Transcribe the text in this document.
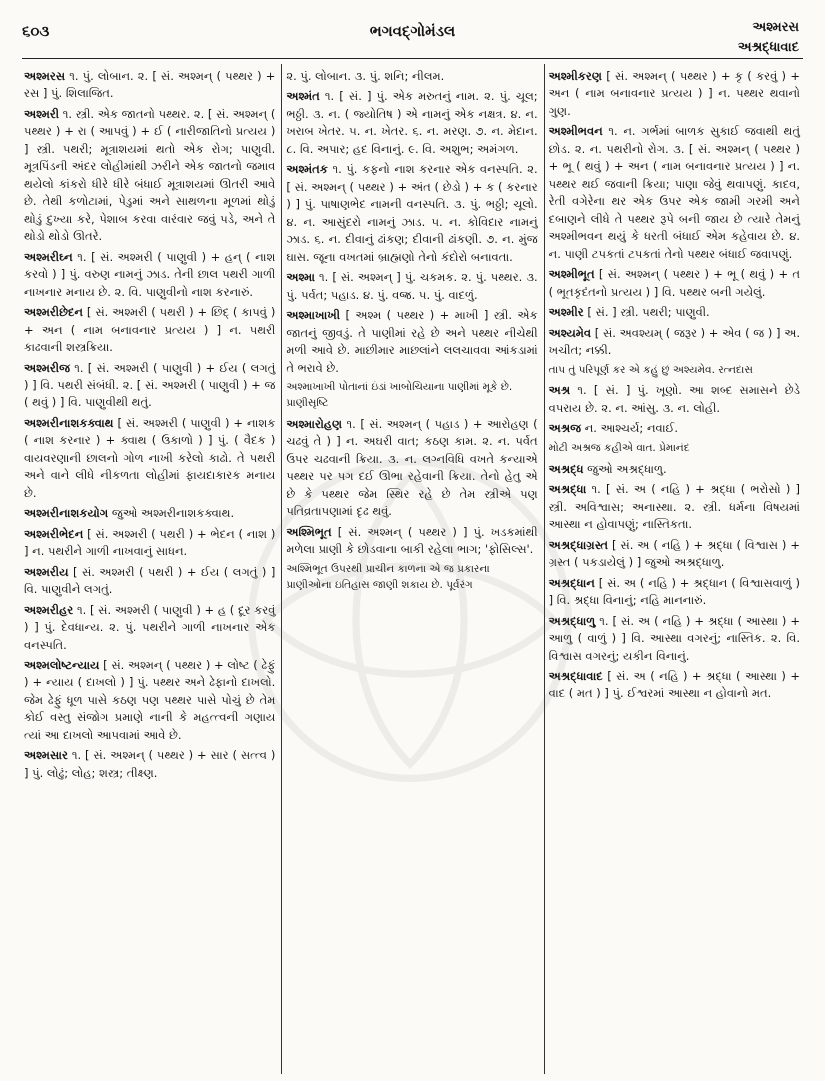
૬૦૩	ભગવદ્ગોમંડલ	અશ્મરસ
અશ્રદ્ધાવાદ
અશ્મરસ ૧. પું. લોબાન. ૨. [ સં. અશ્મન્ ( પથ્થર ) + રસ ] પું. શિલાજિત.
અશ્મરી ૧. સ્ત્રી. એક જાતનો પથ્થર. ૨. [ સં. અશ્મન્ ( પથ્થર ) + રા ( આપવું ) + ઈ ( નારીજાતિનો પ્રત્યય ) ] સ્ત્રી. પથરી; મૂત્રાશયમાં થતો એક રોગ; પાણુવી. મૂત્રપિંડની અંદર લોહીમાંથી ઝરીને એક જાતનો જમાવ થયેલો કાંકરો ધીરે ધીરે બંધાઈ મૂત્રાશયમાં ઊતરી આવે છે. તેથી કળોટામાં, પેડુમાં અને સાથળના મૂળમાં થોડું થોડું દુખ્યા કરે, પેશાબ કરવા વારંવાર જવું પડે, અને તે થોડો થોડો ઊતરે.
અશ્મરીઘ્ન ૧. [ સં. અશ્મરી ( પાણુવી ) + હન્ ( નાશ કરવો ) ] પું. વરુણ નામનું ઝાડ. તેની છાલ પથરી ગાળી નાખનાર મનાય છે. ૨. વિ. પાણુવીનો નાશ કરનારું.
અશ્મરીછેદન [ સં. અશ્મરી ( પથરી ) + છિદ્ ( કાપવું ) + અન ( નામ બનાવનાર પ્રત્યય ) ] ન. પથરી કાઢવાની શસ્ત્રક્રિયા.
અશ્મરીજ ૧. [ સં. અશ્મરી ( પાણુવી ) + ઈય ( લગતું ) ] વિ. પથરી સંબંધી. ૨. [ સં. અશ્મરી ( પાણુવી ) + જ ( થવું ) ] વિ. પાણુવીથી થતું.
અશ્મરીનાશકક્વાથ [ સં. અશ્મરી ( પાણુવી ) + નાશક ( નાશ કરનાર ) + ક્વાથ ( ઉકાળો ) ] પું. ( વૈદક ) વાયવરણાની છાલનો ગોળ નાખી કરેલો કાઢો. તે પથરી અને વાને લીધે નીકળતા લોહીમાં ફાયદાકારક મનાય છે.
અશ્મરીનાશકયોગ જુઓ અશ્મરીનાશકક્વાથ.
અશ્મરીભેદન [ સં. અશ્મરી ( પથરી ) + ભેદન ( નાશ ) ] ન. પથરીને ગાળી નાખવાનું સાધન.
અશ્મરીય [ સં. અશ્મરી ( પથરી ) + ઈય ( લગતું ) ] વિ. પાણુવીને લગતું.
અશ્મરીહર ૧. [ સં. અશ્મરી ( પાણુવી ) + હ ( દૂર કરવું ) ] પું. દેવધાન્ય. ૨. પું. પથરીને ગાળી નાખનાર એક વનસ્પતિ.
અશ્મલોષ્ટન્યાય [ સં. અશ્મન્ ( પથ્થર ) + લોષ્ટ ( ઢેફું ) + ન્યાય ( દાખલો ) ] પું. પથ્થર અને ઢેફાનો દાખલો. જેમ ઢેફું ધૂળ પાસે કઠણ પણ પથ્થર પાસે પોચું છે તેમ કોઈ વસ્તુ સંજોગ પ્રમાણે નાની કે મહત્ત્વની ગણાય ત્યાં આ દાખલો આપવામાં આવે છે.
અશ્મસાર ૧. [ સં. અશ્મન્ ( પથ્થર ) + સાર ( સત્ત્વ ) ] પું. લોઢું; લોહ; શસ્ત્ર; તીક્ષ્ણ.
૨. પું. લોબાન. ૩. પું. શનિ; નીલમ.
અશ્મંત ૧. [ સં. ] પું. એક મરુતનું નામ. ૨. પું. ચૂલ; ભઠ્ઠી. ૩. ન. ( જ્યોતિષ ) એ નામનું એક નક્ષત્ર. ૪. ન. ખરાબ ખેતર. ૫. ન. ખેતર. ૬. ન. મરણ. ૭. ન. મેદાન. ૮. વિ. અપાર; હદ વિનાનું. ૯. વિ. અશુભ; અમંગળ.
અશ્મંતક ૧. પું. કફનો નાશ કરનાર એક વનસ્પતિ. ૨. [ સં. અશ્મન્ ( પથ્થર ) + અંત ( છેડો ) + ક ( કરનાર ) ] પું. પાષાણભેદ નામની વનસ્પતિ. ૩. પું. ભઠ્ઠી; ચૂલો. ૪. ન. આસુંદરો નામનું ઝાડ. ૫. ન. કોવિદાર નામનું ઝાડ. ૬. ન. દીવાનું ઢાંકણ; દીવાની ઢાંકણી. ૭. ન. મુંજ ઘાસ. જૂના વખતમાં બ્રાહ્મણો તેનો કંદોરો બનાવતા.
અશ્મા ૧. [ સં. અશ્મન્ ] પું. ચકમક. ૨. પું. પથ્થર. ૩. પું. પર્વત; પહાડ. ૪. પું. વજ્ર. ૫. પું. વાદળું.
અશ્માખાખી [ અશ્મ ( પથ્થર ) + માખી ] સ્ત્રી. એક જાતનું જીવડું. તે પાણીમાં રહે છે અને પથ્થર નીચેથી મળી આવે છે. માછીમાર માછલાંને લલચાવવા આંકડામાં તે ભરાવે છે.
અશ્માખાખી પોતાનાં ઇંડાં ખાબોચિયાના પાણીમાં મૂકે છે. પ્રાણીસૃષ્ટિ
અશ્મારોહણ ૧. [ સં. અશ્મન્ ( પહાડ ) + આરોહણ ( ચઢવું તે ) ] ન. અઘરી વાત; કઠણ કામ. ૨. ન. પર્વત ઉપર ચઢવાની ક્રિયા. ૩. ન. લગ્નવિધિ વખતે કન્યાએ પથ્થર પર પગ દઈ ઊભા રહેવાની ક્રિયા. તેનો હેતુ એ છે કે પથ્થર જેમ સ્થિર રહે છે તેમ સ્ત્રીએ પણ પતિવ્રતાપણામાં દૃઢ થવું.
અશ્મિભૂત [ સં. અશ્મન્ ( પથ્થર ) ] પું. ખડકમાંથી મળેલા પ્રાણી કે છોડવાના બાકી રહેલા ભાગ; 'ફોસિલ્સ'.
અશ્મિભૂત ઉપરથી પ્રાચીન કાળના એ જ પ્રકારના પ્રાણીઓના ઇતિહાસ જાણી શકાય છે. પૂર્વરંગ
અશ્મીકરણ [ સં. અશ્મન્ ( પથ્થર ) + કૃ ( કરવું ) + અન ( નામ બનાવનાર પ્રત્યય ) ] ન. પથ્થર થવાનો ગુણ.
અશ્મીભવન ૧. ન. ગર્ભમાં બાળક સુકાઈ જવાથી થતું છોડ. ૨. ન. પથરીનો રોગ. ૩. [ સં. અશ્મન્ ( પથ્થર ) + ભૂ ( થવું ) + અન ( નામ બનાવનાર પ્રત્યય ) ] ન. પથ્થર થઈ જવાની ક્રિયા; પાણા જેવું થવાપણું. કાદવ, રેતી વગેરેના થર એક ઉપર એક જામી ગરમી અને દબાણને લીધે તે પથ્થર રૂપે બની જાય છે ત્યારે તેમનું અશ્મીભવન થયું કે ધરતી બંધાઈ એમ કહેવાય છે. ૪. ન. પાણી ટપકતાં ટપકતાં તેનો પથ્થર બંધાઈ જવાપણું.
અશ્મીભૂત [ સં. અશ્મન્ ( પથ્થર ) + ભૂ ( થવું ) + ત ( ભૂતકૃદંતનો પ્રત્યય ) ] વિ. પથ્થર બની ગયેલું.
અશ્મીર [ સં. ] સ્ત્રી. પથરી; પાણુવી.
અશ્યમેવ [ સં. અવશ્યમ્ ( જરૂર ) + એવ ( જ ) ] અ. ખચીત; નક્કી.
તાપ તું પરિપૂર્ણ કર એ કહું છું અશ્યમેવ. રત્નદાસ
અશ્ર ૧. [ સં. ] પું. ખૂણો. આ શબ્દ સમાસને છેડે વપરાય છે. ૨. ન. આંસુ. ૩. ન. લોહી.
અશ્રજ ન. આશ્ચર્ય; નવાઈ.
મોટી અશ્રજ કહીએ વાત. પ્રેમાનંદ
અશ્રદ્ધ જુઓ અશ્રદ્ધાળુ.
અશ્રદ્ધા ૧. [ સં. અ ( નહિ ) + શ્રદ્ધા ( ભરોસો ) ] સ્ત્રી. અવિશ્વાસ; અનાસ્થા. ૨. સ્ત્રી. ધર્મના વિષયમાં આસ્થા ન હોવાપણું; નાસ્તિકતા.
અશ્રદ્ધાગ્રસ્ત [ સં. અ ( નહિ ) + શ્રદ્ધા ( વિશ્વાસ ) + ગ્રસ્ત ( પકડાયેલું ) ] જુઓ અશ્રદ્ધાળુ.
અશ્રદ્ધાન [ સં. અ ( નહિ ) + શ્રદ્ધાન ( વિશ્વાસવાળું ) ] વિ. શ્રદ્ધા વિનાનું; નહિ માનનારું.
અશ્રદ્ધાળુ ૧. [ સં. અ ( નહિ ) + શ્રદ્ધા ( આસ્થા ) + આળુ ( વાળું ) ] વિ. આસ્થા વગરનું; નાસ્તિક. ૨. વિ. વિશ્વાસ વગરનું; યકીન વિનાનું.
અશ્રદ્ધાવાદ [ સં. અ ( નહિ ) + શ્રદ્ધા ( આસ્થા ) + વાદ ( મત ) ] પું. ઈશ્વરમાં આસ્થા ન હોવાનો મત.
